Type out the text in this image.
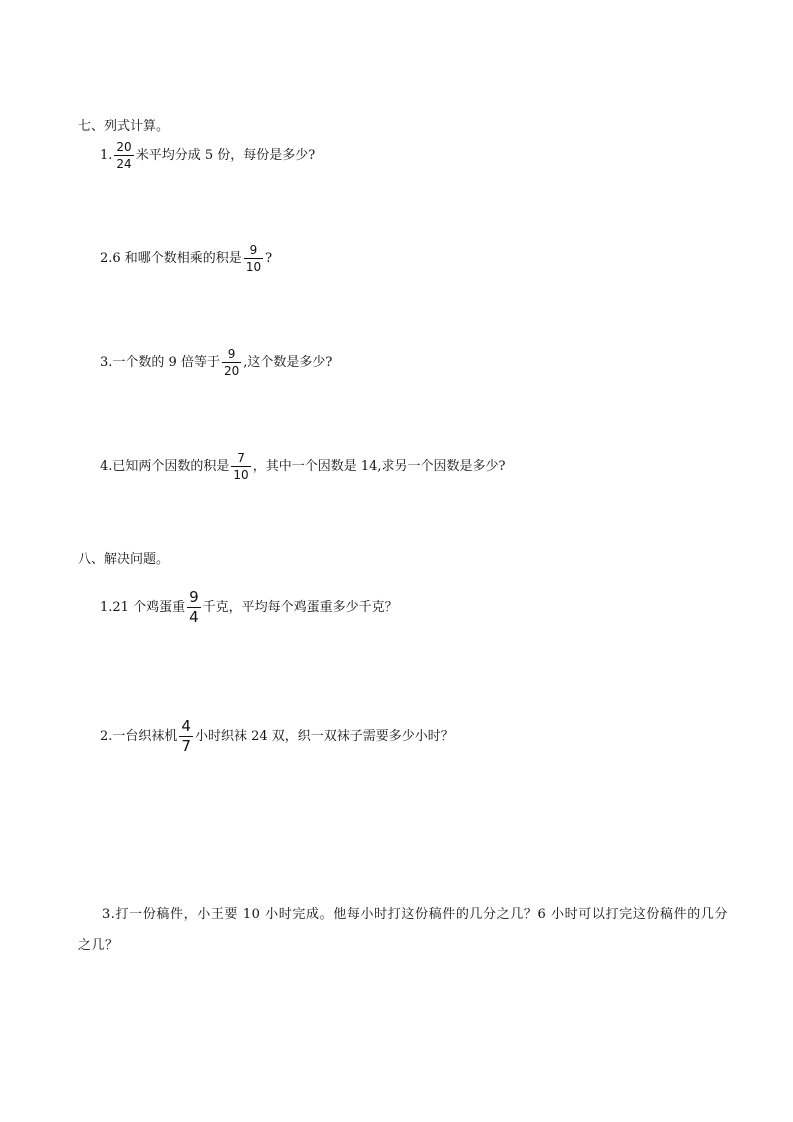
七、列式计算。
1. $\frac{20}{24}$ 米平均分成 5 份，每份是多少?
2.6 和哪个数相乘的积是 $\frac{9}{10}$ ?
3.一个数的 9 倍等于 $\frac{9}{20}$ ,这个数是多少?
4.已知两个因数的积是 $\frac{7}{10}$ ，其中一个因数是 14,求另一个因数是多少?
八、解决问题。
1.21 个鸡蛋重 $\frac{9}{4}$ 千克，平均每个鸡蛋重多少千克？
2.一台织袜机 $\frac{4}{7}$ 小时织袜 24 双，织一双袜子需要多少小时？
3.打一份稿件，小王要 10 小时完成。他每小时打这份稿件的几分之几？6 小时可以打完这份稿件的几分之几？
